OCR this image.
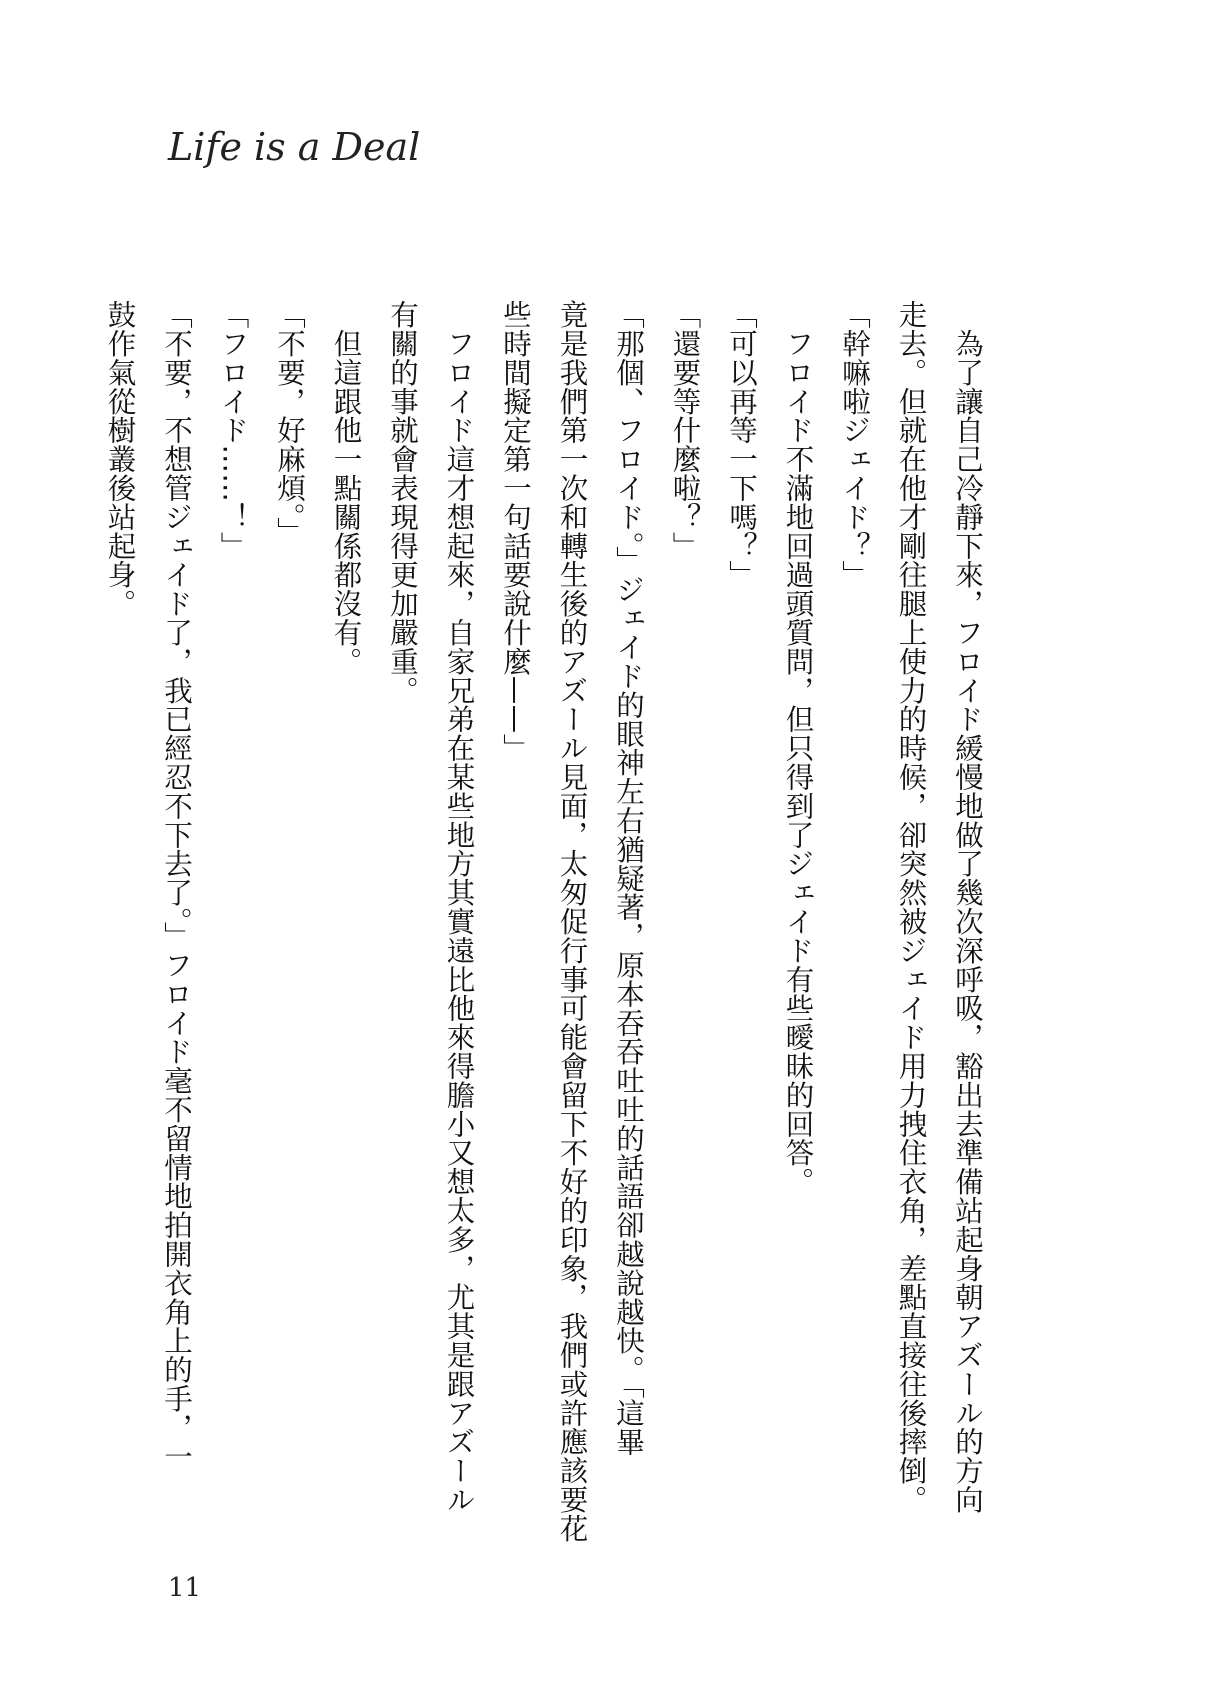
Life is a Deal

　為了讓自己冷靜下來，フロイド緩慢地做了幾次深呼吸，豁出去準備站起身朝アズール的方向

走去。但就在他才剛往腿上使力的時候，卻突然被ジェイド用力拽住衣角，差點直接往後摔倒。

「幹嘛啦ジェイド？」

　フロイド不滿地回過頭質問，但只得到了ジェイド有些曖昧的回答。

「可以再等一下嗎？」

「還要等什麼啦？」

「那個、フロイド。」ジェイド的眼神左右猶疑著，原本吞吞吐吐的話語卻越說越快。「這畢

竟是我們第一次和轉生後的アズール見面，太匆促行事可能會留下不好的印象，我們或許應該要花

些時間擬定第一句話要說什麼——」

　フロイド這才想起來，自家兄弟在某些地方其實遠比他來得膽小又想太多，尤其是跟アズール

有關的事就會表現得更加嚴重。

　但這跟他一點關係都沒有。

「不要，好麻煩。」

「フロイド……！」

「不要，不想管ジェイド了，我已經忍不下去了。」フロイド毫不留情地拍開衣角上的手，一

鼓作氣從樹叢後站起身。

11
